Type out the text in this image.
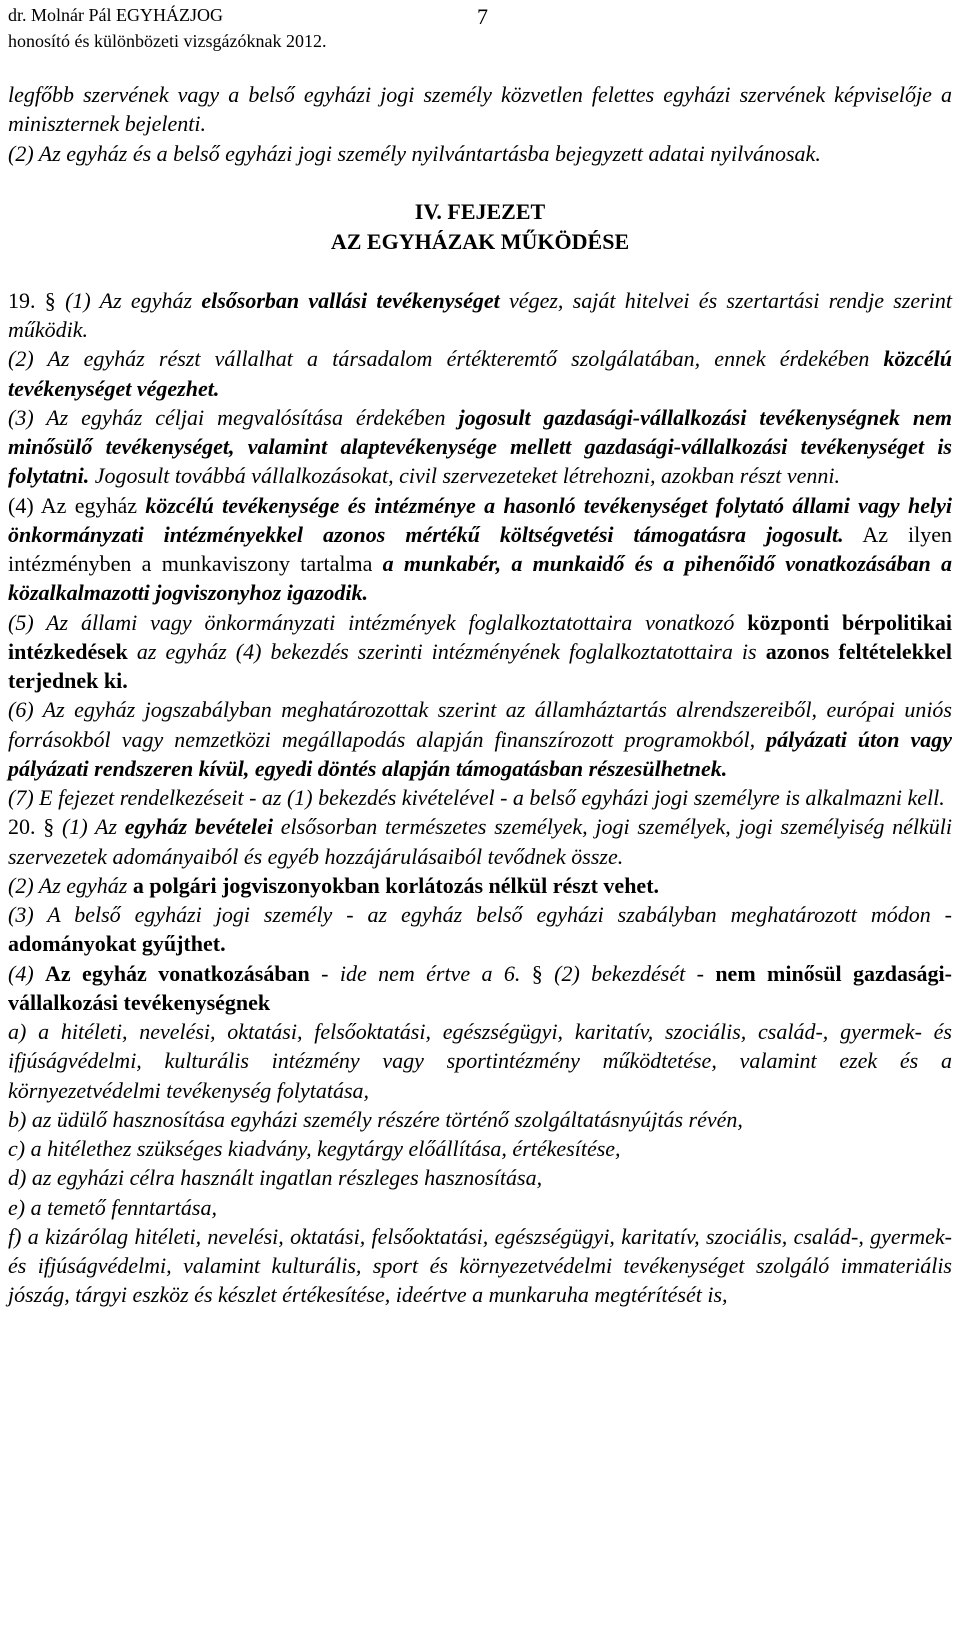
dr. Molnár Pál EGYHÁZJOG
honosító és különbözeti vizsgázóknak 2012.
7

legfőbb szervének vagy a belső egyházi jogi személy közvetlen felettes egyházi szervének képviselője a miniszternek bejelenti.

(2) Az egyház és a belső egyházi jogi személy nyilvántartásba bejegyzett adatai nyilvánosak.

IV. FEJEZET
AZ EGYHÁZAK MŰKÖDÉSE

19. § (1) Az egyház elsősorban vallási tevékenységet végez, saját hitelvei és szertartási rendje szerint működik.

(2) Az egyház részt vállalhat a társadalom értékteremtő szolgálatában, ennek érdekében közcélú tevékenységet végezhet.

(3) Az egyház céljai megvalósítása érdekében jogosult gazdasági-vállalkozási tevékenységnek nem minősülő tevékenységet, valamint alaptevékenysége mellett gazdasági-vállalkozási tevékenységet is folytatni. Jogosult továbbá vállalkozásokat, civil szervezeteket létrehozni, azokban részt venni.

(4) Az egyház közcélú tevékenysége és intézménye a hasonló tevékenységet folytató állami vagy helyi önkormányzati intézményekkel azonos mértékű költségvetési támogatásra jogosult. Az ilyen intézményben a munkaviszony tartalma a munkabér, a munkaidő és a pihenőidő vonatkozásában a közalkalmazotti jogviszonyhoz igazodik.

(5) Az állami vagy önkormányzati intézmények foglalkoztatottaira vonatkozó központi bérpolitikai intézkedések az egyház (4) bekezdés szerinti intézményének foglalkoztatottaira is azonos feltételekkel terjednek ki.

(6) Az egyház jogszabályban meghatározottak szerint az államháztartás alrendszereiből, európai uniós forrásokból vagy nemzetközi megállapodás alapján finanszírozott programokból, pályázati úton vagy pályázati rendszeren kívül, egyedi döntés alapján támogatásban részesülhetnek.

(7) E fejezet rendelkezéseit - az (1) bekezdés kivételével - a belső egyházi jogi személyre is alkalmazni kell.

20. § (1) Az egyház bevételei elsősorban természetes személyek, jogi személyek, jogi személyiség nélküli szervezetek adományaiból és egyéb hozzájárulásaiból tevődnek össze.

(2) Az egyház a polgári jogviszonyokban korlátozás nélkül részt vehet.

(3) A belső egyházi jogi személy - az egyház belső egyházi szabályban meghatározott módon - adományokat gyűjthet.

(4) Az egyház vonatkozásában - ide nem értve a 6. § (2) bekezdését - nem minősül gazdasági-vállalkozási tevékenységnek

a) a hitéleti, nevelési, oktatási, felsőoktatási, egészségügyi, karitatív, szociális, család-, gyermek- és ifjúságvédelmi, kulturális intézmény vagy sportintézmény működtetése, valamint ezek és a környezetvédelmi tevékenység folytatása,

b) az üdülő hasznosítása egyházi személy részére történő szolgáltatásnyújtás révén,

c) a hitélethez szükséges kiadvány, kegytárgy előállítása, értékesítése,

d) az egyházi célra használt ingatlan részleges hasznosítása,

e) a temető fenntartása,

f) a kizárólag hitéleti, nevelési, oktatási, felsőoktatási, egészségügyi, karitatív, szociális, család-, gyermek- és ifjúságvédelmi, valamint kulturális, sport és környezetvédelmi tevékenységet szolgáló immateriális jószág, tárgyi eszköz és készlet értékesítése, ideértve a munkaruha megtérítését is,
